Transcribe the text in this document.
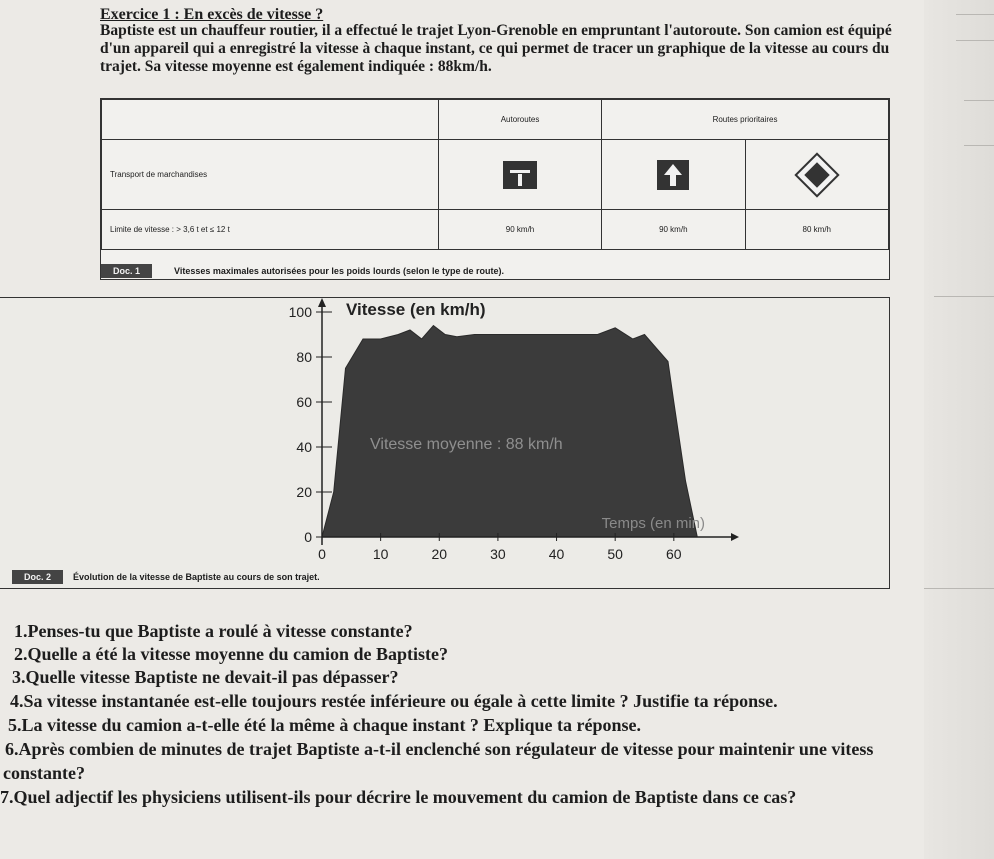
Exercice 1 : En excès de vitesse ?
Baptiste est un chauffeur routier, il a effectué le trajet Lyon-Grenoble en empruntant l'autoroute. Son camion est équipé
d'un appareil qui a enregistré la vitesse à chaque instant, ce qui permet de tracer un graphique de la vitesse au cours du
trajet. Sa vitesse moyenne est également indiquée : 88km/h.
	Autoroutes	Routes prioritaires	
Transport de marchandises	

Limite de vitesse : > 3,6 t et ≤ 12 t	90 km/h	90 km/h	80 km/h
Doc. 1	Vitesses maximales autorisées pour les poids lourds (selon le type de route).
0
20
40
60
80
100
0	10	20	30	40	50	60
Vitesse (en km/h)
Temps (en min)
Vitesse moyenne : 88 km/h
Doc. 2	Évolution de la vitesse de Baptiste au cours de son trajet.
1.Penses-tu que Baptiste a roulé à vitesse constante?
2.Quelle a été la vitesse moyenne du camion de Baptiste?
3.Quelle vitesse Baptiste ne devait-il pas dépasser?
4.Sa vitesse instantanée est-elle toujours restée inférieure ou égale à cette limite ? Justifie ta réponse.
5.La vitesse du camion a-t-elle été la même à chaque instant ? Explique ta réponse.
6.Après combien de minutes de trajet Baptiste a-t-il enclenché son régulateur de vitesse pour maintenir une vitess
constante?
7.Quel adjectif les physiciens utilisent-ils pour décrire le mouvement du camion de Baptiste dans ce cas?
